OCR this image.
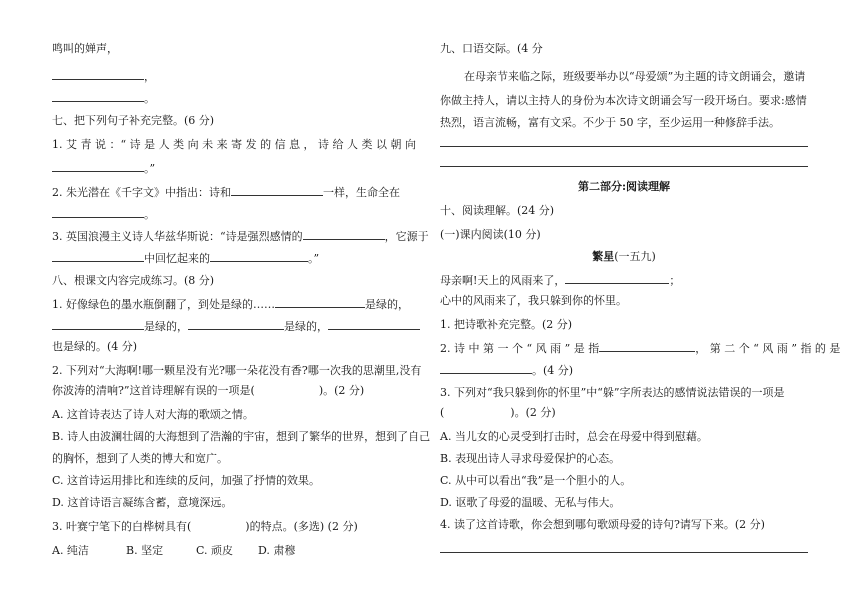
鸣叫的婵声，
，
。
七、把下列句子补充完整。(6 分)
1. 艾 青 说 ：“ 诗 是 人 类 向 未 来 寄 发 的 信 息 ， 诗 给 人 类 以 朝 向
。”
2. 朱光潜在《千字文》中指出：诗和	一样，生命全在
。
3. 英国浪漫主义诗人华兹华斯说：“诗是强烈感情的	，它源于
中回忆起来的	。”
八、根课文内容完成练习。(8 分)
1. 好像绿色的墨水瓶倒翻了，到处是绿的……	是绿的，
是绿的，	是绿的，
也是绿的。(4 分)
2. 下列对“大海啊!哪一颗星没有光?哪一朵花没有香?哪一次我的思潮里,没有
你波涛的清响?”这首诗理解有误的一项是(	)。(2 分)
A. 这首诗表达了诗人对大海的歌颂之情。
B. 诗人由波澜壮阔的大海想到了浩瀚的宇宙，想到了繁华的世界，想到了自己
的胸怀，想到了人类的博大和宽广。
C. 这首诗运用排比和连续的反问，加强了抒情的效果。
D. 这首诗语言凝练含蓄，意境深远。
3. 叶赛宁笔下的白桦树具有(	)的特点。(多选) (2 分)
A. 纯洁	B. 坚定	C. 顽皮 D. 肃穆
九、口语交际。(4 分
在母亲节来临之际，班级要举办以“母爱颂”为主题的诗文朗诵会，邀请
你做主持人，请以主持人的身份为本次诗文朗诵会写一段开场白。要求:感情
热烈，语言流畅，富有文采。不少于 50 字，至少运用一种修辞手法。
第二部分:阅读理解
十、阅读理解。(24 分)
(一)课内阅读(10 分)
繁星(一五九)
母亲啊!天上的风雨来了，	；
心中的风雨来了，我只躲到你的怀里。
1. 把诗歌补充完整。(2 分)
2. 诗 中 第 一 个 “ 风 雨 ” 是 指	， 第 二 个 “ 风 雨 ” 指 的 是
。(4 分)
3. 下列对“我只躲到你的怀里”中“躲”字所表达的感情说法错误的一项是
(	)。(2 分)
A. 当儿女的心灵受到打击时，总会在母爱中得到慰藉。
B. 表现出诗人寻求母爱保护的心态。
C. 从中可以看出“我”是一个胆小的人。
D. 讴歌了母爱的温暖、无私与伟大。
4. 读了这首诗歌，你会想到哪句歌颂母爱的诗句?请写下来。(2 分)
